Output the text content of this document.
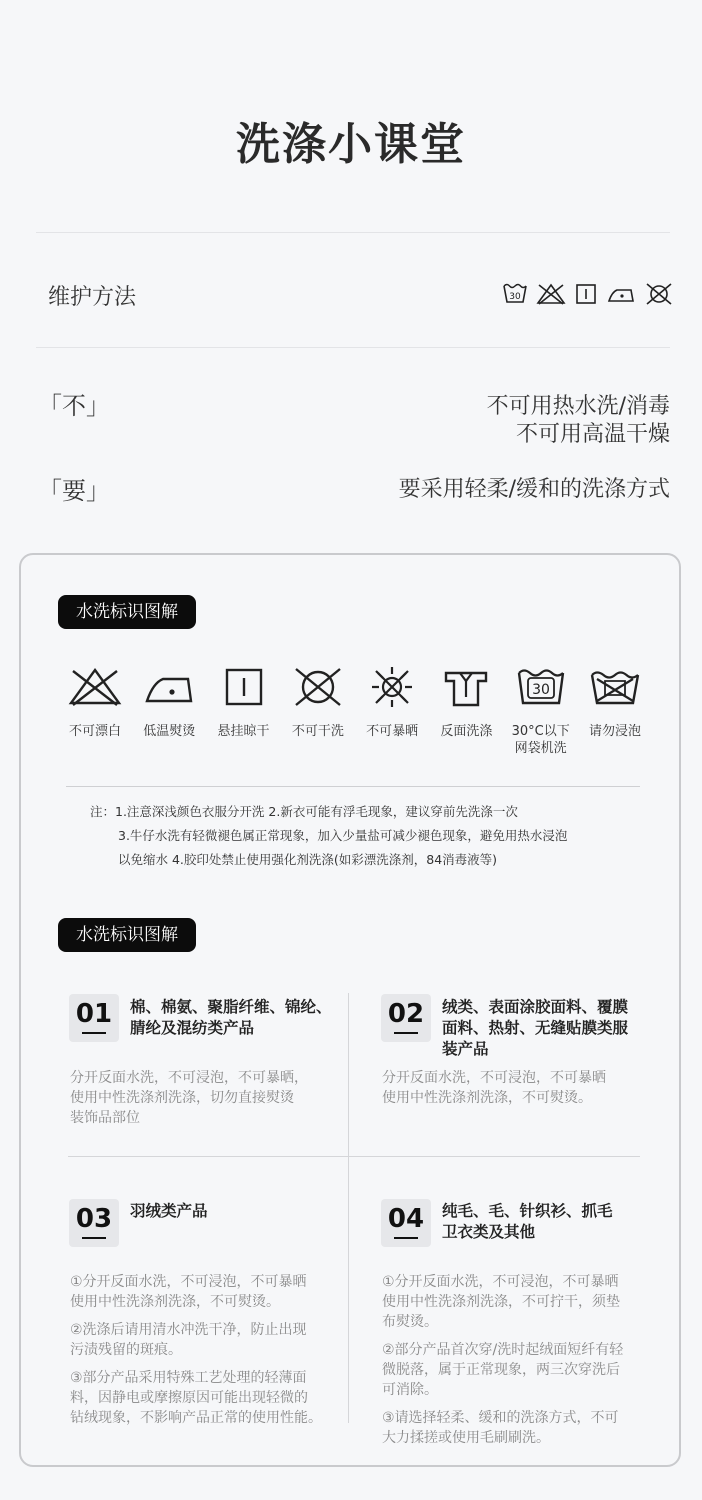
洗涤小课堂
维护方法	30
「不」	不可用热水洗/消毒
不可用高温干燥
「要」	要采用轻柔/缓和的洗涤方式
水洗标识图解
不可漂白	低温熨烫	悬挂晾干	不可干洗	不可暴晒	反面洗涤
30
30°C以下
网袋机洗
请勿浸泡
注：1.注意深浅颜色衣服分开洗 2.新衣可能有浮毛现象，建议穿前先洗涤一次
3.牛仔水洗有轻微褪色属正常现象，加入少量盐可减少褪色现象，避免用热水浸泡
以免缩水 4.胶印处禁止使用强化剂洗涤(如彩漂洗涤剂，84消毒液等)
水洗标识图解
01	棉、棉氨、聚脂纤维、锦纶、
腈纶及混纺类产品

分开反面水洗，不可浸泡，不可暴晒，
使用中性洗涤剂洗涤，切勿直接熨烫
装饰品部位

02	绒类、表面涂胶面料、覆膜
面料、热射、无缝贴膜类服
装产品

分开反面水洗，不可浸泡，不可暴晒
使用中性洗涤剂洗涤，不可熨烫。

03	羽绒类产品

①分开反面水洗，不可浸泡，不可暴晒
使用中性洗涤剂洗涤，不可熨烫。

②洗涤后请用清水冲洗干净，防止出现
污渍残留的斑痕。

③部分产品采用特殊工艺处理的轻薄面
料，因静电或摩擦原因可能出现轻微的
钻绒现象，不影响产品正常的使用性能。

04	纯毛、毛、针织衫、抓毛
卫衣类及其他

①分开反面水洗，不可浸泡，不可暴晒
使用中性洗涤剂洗涤，不可拧干，须垫
布熨烫。

②部分产品首次穿/洗时起绒面短纤有轻
微脱落，属于正常现象，两三次穿洗后
可消除。

③请选择轻柔、缓和的洗涤方式，不可
大力揉搓或使用毛刷刷洗。
